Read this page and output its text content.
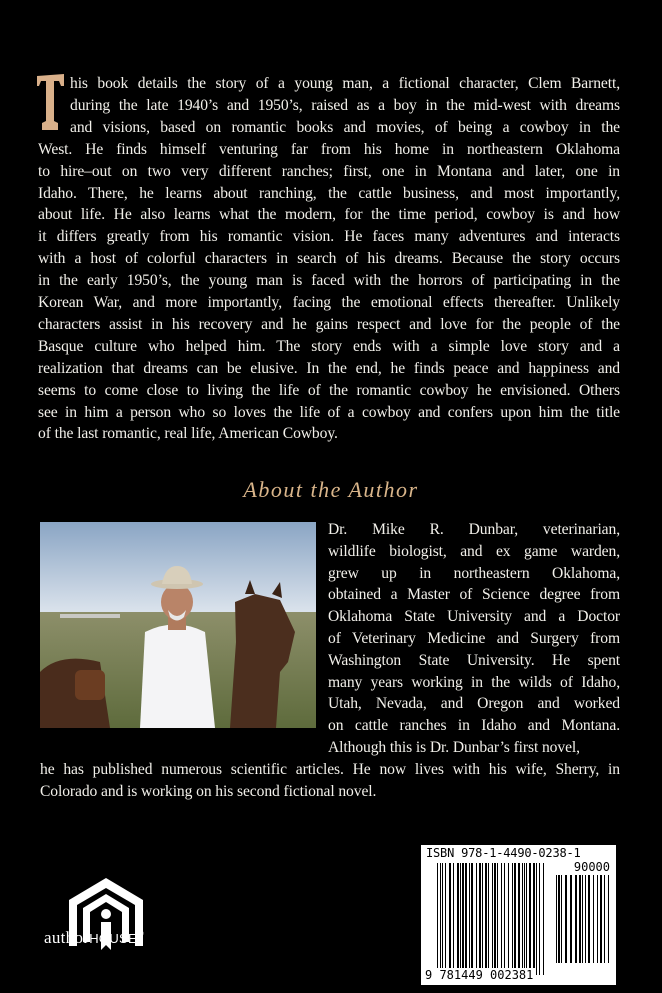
his book details the story of a young man, a fictional character, Clem Barnett,
during the late 1940’s and 1950’s, raised as a boy in the mid-west with dreams
and visions, based on romantic books and movies, of being a cowboy in the
West. He finds himself venturing far from his home in northeastern Oklahoma
to hire–out on two very different ranches; first, one in Montana and later, one in
Idaho. There, he learns about ranching, the cattle business, and most importantly,
about life. He also learns what the modern, for the time period, cowboy is and how
it differs greatly from his romantic vision. He faces many adventures and interacts
with a host of colorful characters in search of his dreams. Because the story occurs
in the early 1950’s, the young man is faced with the horrors of participating in the
Korean War, and more importantly, facing the emotional effects thereafter. Unlikely
characters assist in his recovery and he gains respect and love for the people of the
Basque culture who helped him. The story ends with a simple love story and a
realization that dreams can be elusive. In the end, he finds peace and happiness and
seems to come close to living the life of the romantic cowboy he envisioned. Others
see in him a person who so loves the life of a cowboy and confers upon him the title
of the last romantic, real life, American Cowboy.
About the Author
Dr. Mike R. Dunbar, veterinarian,
wildlife biologist, and ex game warden,
grew up in northeastern Oklahoma,
obtained a Master of Science degree from
Oklahoma State University and a Doctor
of Veterinary Medicine and Surgery from
Washington State University. He spent
many years working in the wilds of Idaho,
Utah, Nevada, and Oregon and worked
on cattle ranches in Idaho and Montana.
Although this is Dr. Dunbar’s first novel,
he has published numerous scientific articles. He now lives with his wife, Sherry, in
Colorado and is working on his second fictional novel.
authorHOUSE®
ISBN 978-1-4490-0238-1
90000
9 781449 002381
